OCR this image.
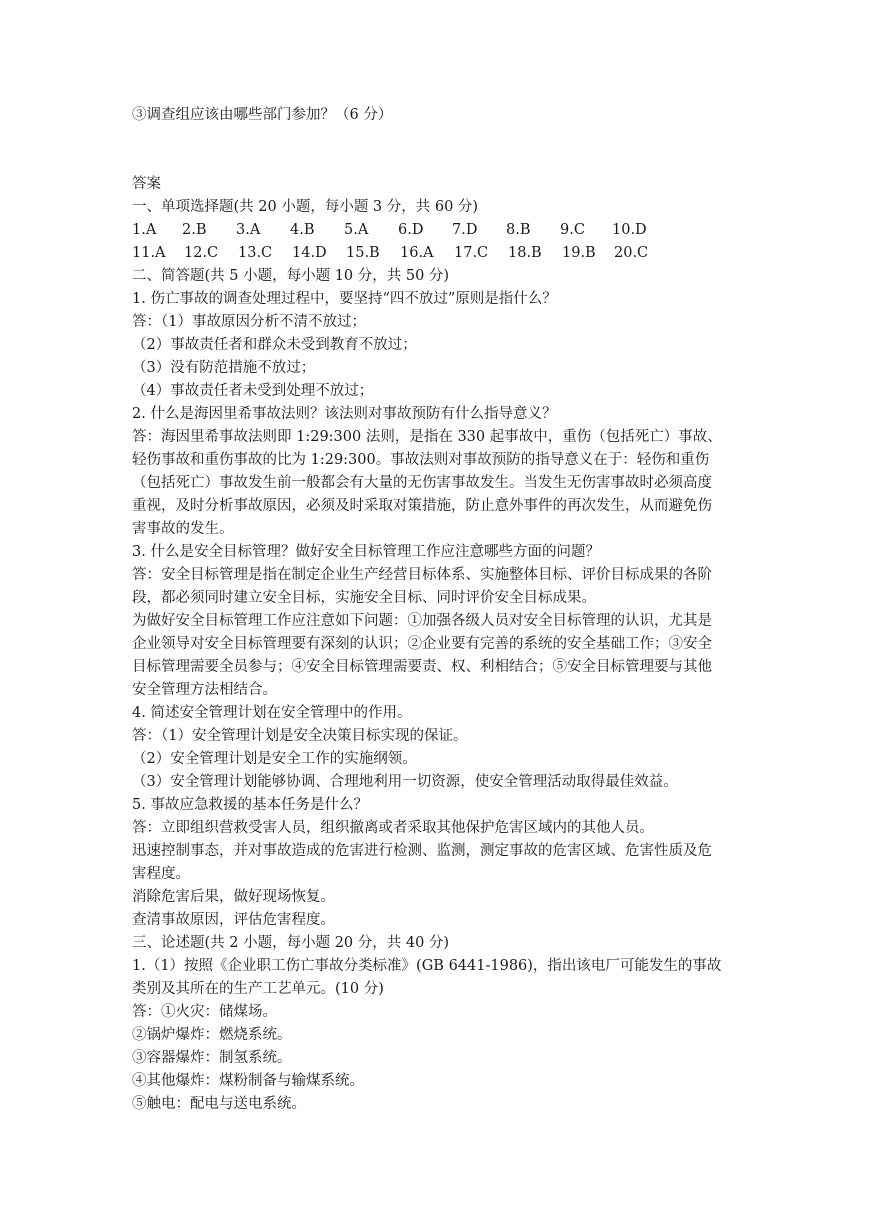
③调查组应该由哪些部门参加？（6 分）
答案
一、单项选择题(共 20 小题，每小题 3 分，共 60 分)
1.A 2.B 3.A 4.B 5.A 6.D 7.D 8.B 9.C 10.D
11.A 12.C 13.C 14.D 15.B 16.A 17.C 18.B 19.B 20.C
二、简答题(共 5 小题，每小题 10 分，共 50 分)
1. 伤亡事故的调查处理过程中，要坚持“四不放过”原则是指什么？
答：（1）事故原因分析不清不放过；
（2）事故责任者和群众未受到教育不放过；
（3）没有防范措施不放过；
（4）事故责任者未受到处理不放过；
2. 什么是海因里希事故法则？该法则对事故预防有什么指导意义？
答：海因里希事故法则即 1:29:300 法则，是指在 330 起事故中，重伤（包括死亡）事故、
轻伤事故和重伤事故的比为 1:29:300。事故法则对事故预防的指导意义在于：轻伤和重伤
（包括死亡）事故发生前一般都会有大量的无伤害事故发生。当发生无伤害事故时必须高度
重视，及时分析事故原因，必须及时采取对策措施，防止意外事件的再次发生，从而避免伤
害事故的发生。
3. 什么是安全目标管理？做好安全目标管理工作应注意哪些方面的问题？
答：安全目标管理是指在制定企业生产经营目标体系、实施整体目标、评价目标成果的各阶
段，都必须同时建立安全目标，实施安全目标、同时评价安全目标成果。
为做好安全目标管理工作应注意如下问题：①加强各级人员对安全目标管理的认识，尤其是
企业领导对安全目标管理要有深刻的认识；②企业要有完善的系统的安全基础工作；③安全
目标管理需要全员参与；④安全目标管理需要责、权、利相结合；⑤安全目标管理要与其他
安全管理方法相结合。
4. 简述安全管理计划在安全管理中的作用。
答：（1）安全管理计划是安全决策目标实现的保证。
（2）安全管理计划是安全工作的实施纲领。
（3）安全管理计划能够协调、合理地利用一切资源，使安全管理活动取得最佳效益。
5. 事故应急救援的基本任务是什么？
答：立即组织营救受害人员，组织撤离或者采取其他保护危害区域内的其他人员。
迅速控制事态，并对事故造成的危害进行检测、监测，测定事故的危害区域、危害性质及危
害程度。
消除危害后果，做好现场恢复。
查清事故原因，评估危害程度。
三、论述题(共 2 小题，每小题 20 分，共 40 分)
1.（1）按照《企业职工伤亡事故分类标准》(GB 6441-1986)，指出该电厂可能发生的事故
类别及其所在的生产工艺单元。(10 分)
答：①火灾：储煤场。
②锅炉爆炸：燃烧系统。
③容器爆炸：制氢系统。
④其他爆炸：煤粉制备与输煤系统。
⑤触电：配电与送电系统。
